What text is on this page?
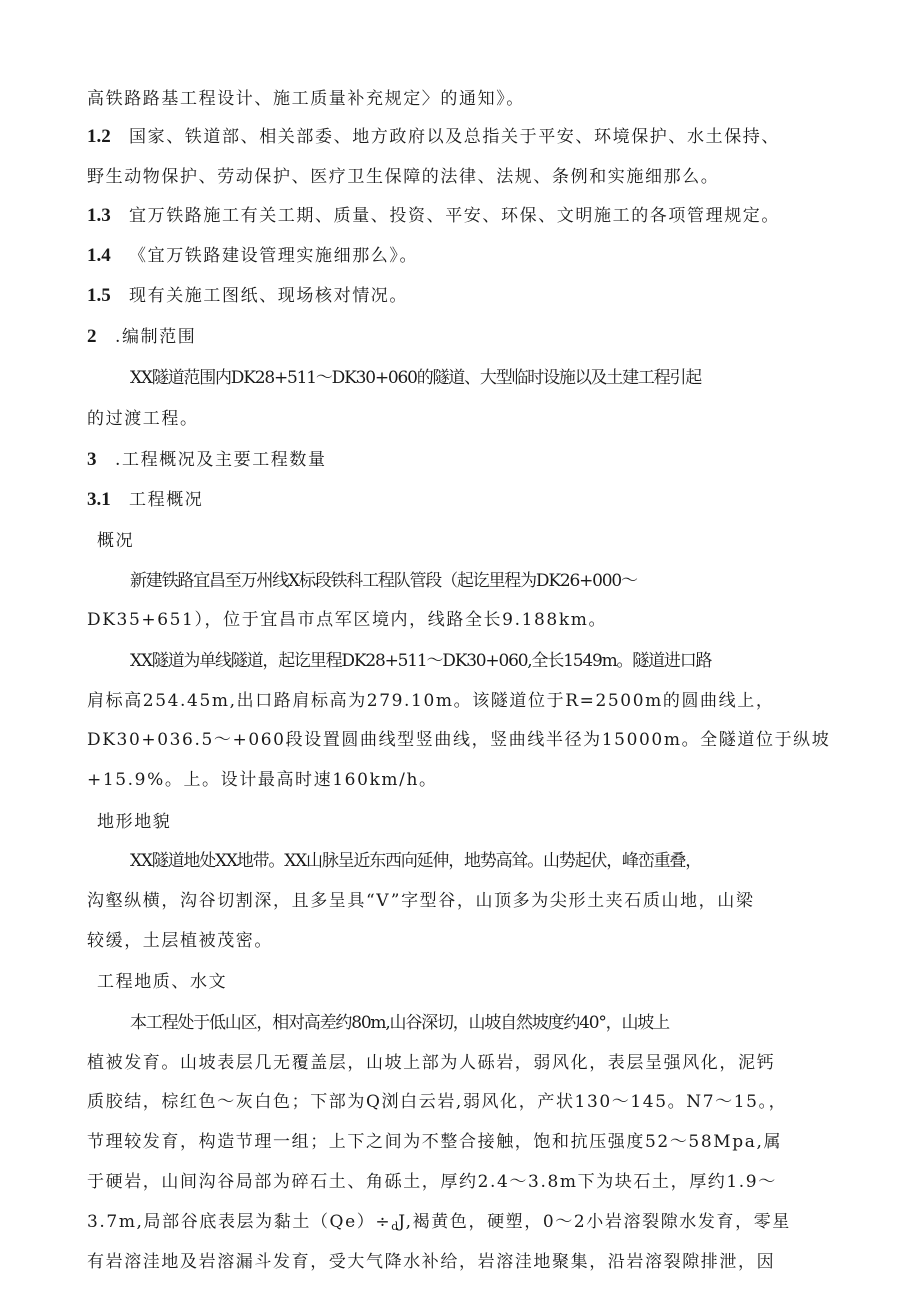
高铁路路基工程设计、施工质量补充规定〉的通知》。
1.2 国家、铁道部、相关部委、地方政府以及总指关于平安、环境保护、水土保持、
野生动物保护、劳动保护、医疗卫生保障的法律、法规、条例和实施细那么。
1.3 宜万铁路施工有关工期、质量、投资、平安、环保、文明施工的各项管理规定。
1.4 《宜万铁路建设管理实施细那么》。
1.5 现有关施工图纸、现场核对情况。
2 .编制范围
XX隧道范围内DK28+511～DK30+060的隧道、大型临时设施以及土建工程引起
的过渡工程。
3 .工程概况及主要工程数量
3.1 工程概况
概况
新建铁路宜昌至万州线X标段铁科工程队管段（起讫里程为DK26+000～
DK35+651），位于宜昌市点军区境内，线路全长9.188km。
XX隧道为单线隧道，起讫里程DK28+511～DK30+060,全长1549m。隧道进口路
肩标高254.45m,出口路肩标高为279.10m。该隧道位于R=2500m的圆曲线上，
DK30+036.5～+060段设置圆曲线型竖曲线，竖曲线半径为15000m。全隧道位于纵坡
+15.9%。上。设计最高时速160km/h。
地形地貌
XX隧道地处XX地带。XX山脉呈近东西向延伸，地势高耸。山势起伏，峰峦重叠，
沟壑纵横，沟谷切割深，且多呈具“V”字型谷，山顶多为尖形土夹石质山地，山梁
较缓，土层植被茂密。
工程地质、水文
本工程处于低山区，相对高差约80m,山谷深切，山坡自然坡度约40°，山坡上
植被发育。山坡表层几无覆盖层，山坡上部为人砾岩，弱风化，表层呈强风化，泥钙
质胶结，棕红色～灰白色；下部为Q浏白云岩,弱风化，产状130～145。N7～15。，
节理较发育，构造节理一组；上下之间为不整合接触，饱和抗压强度52～58Mpa,属
于硬岩，山间沟谷局部为碎石土、角砾土，厚约2.4～3.8m下为块石土，厚约1.9～
3.7m,局部谷底表层为黏土$(Qe)\div_dJ$,褐黄色，硬塑，0～2小岩溶裂隙水发育，零星
有岩溶洼地及岩溶漏斗发育，受大气降水补给，岩溶洼地聚集，沿岩溶裂隙排泄，因
